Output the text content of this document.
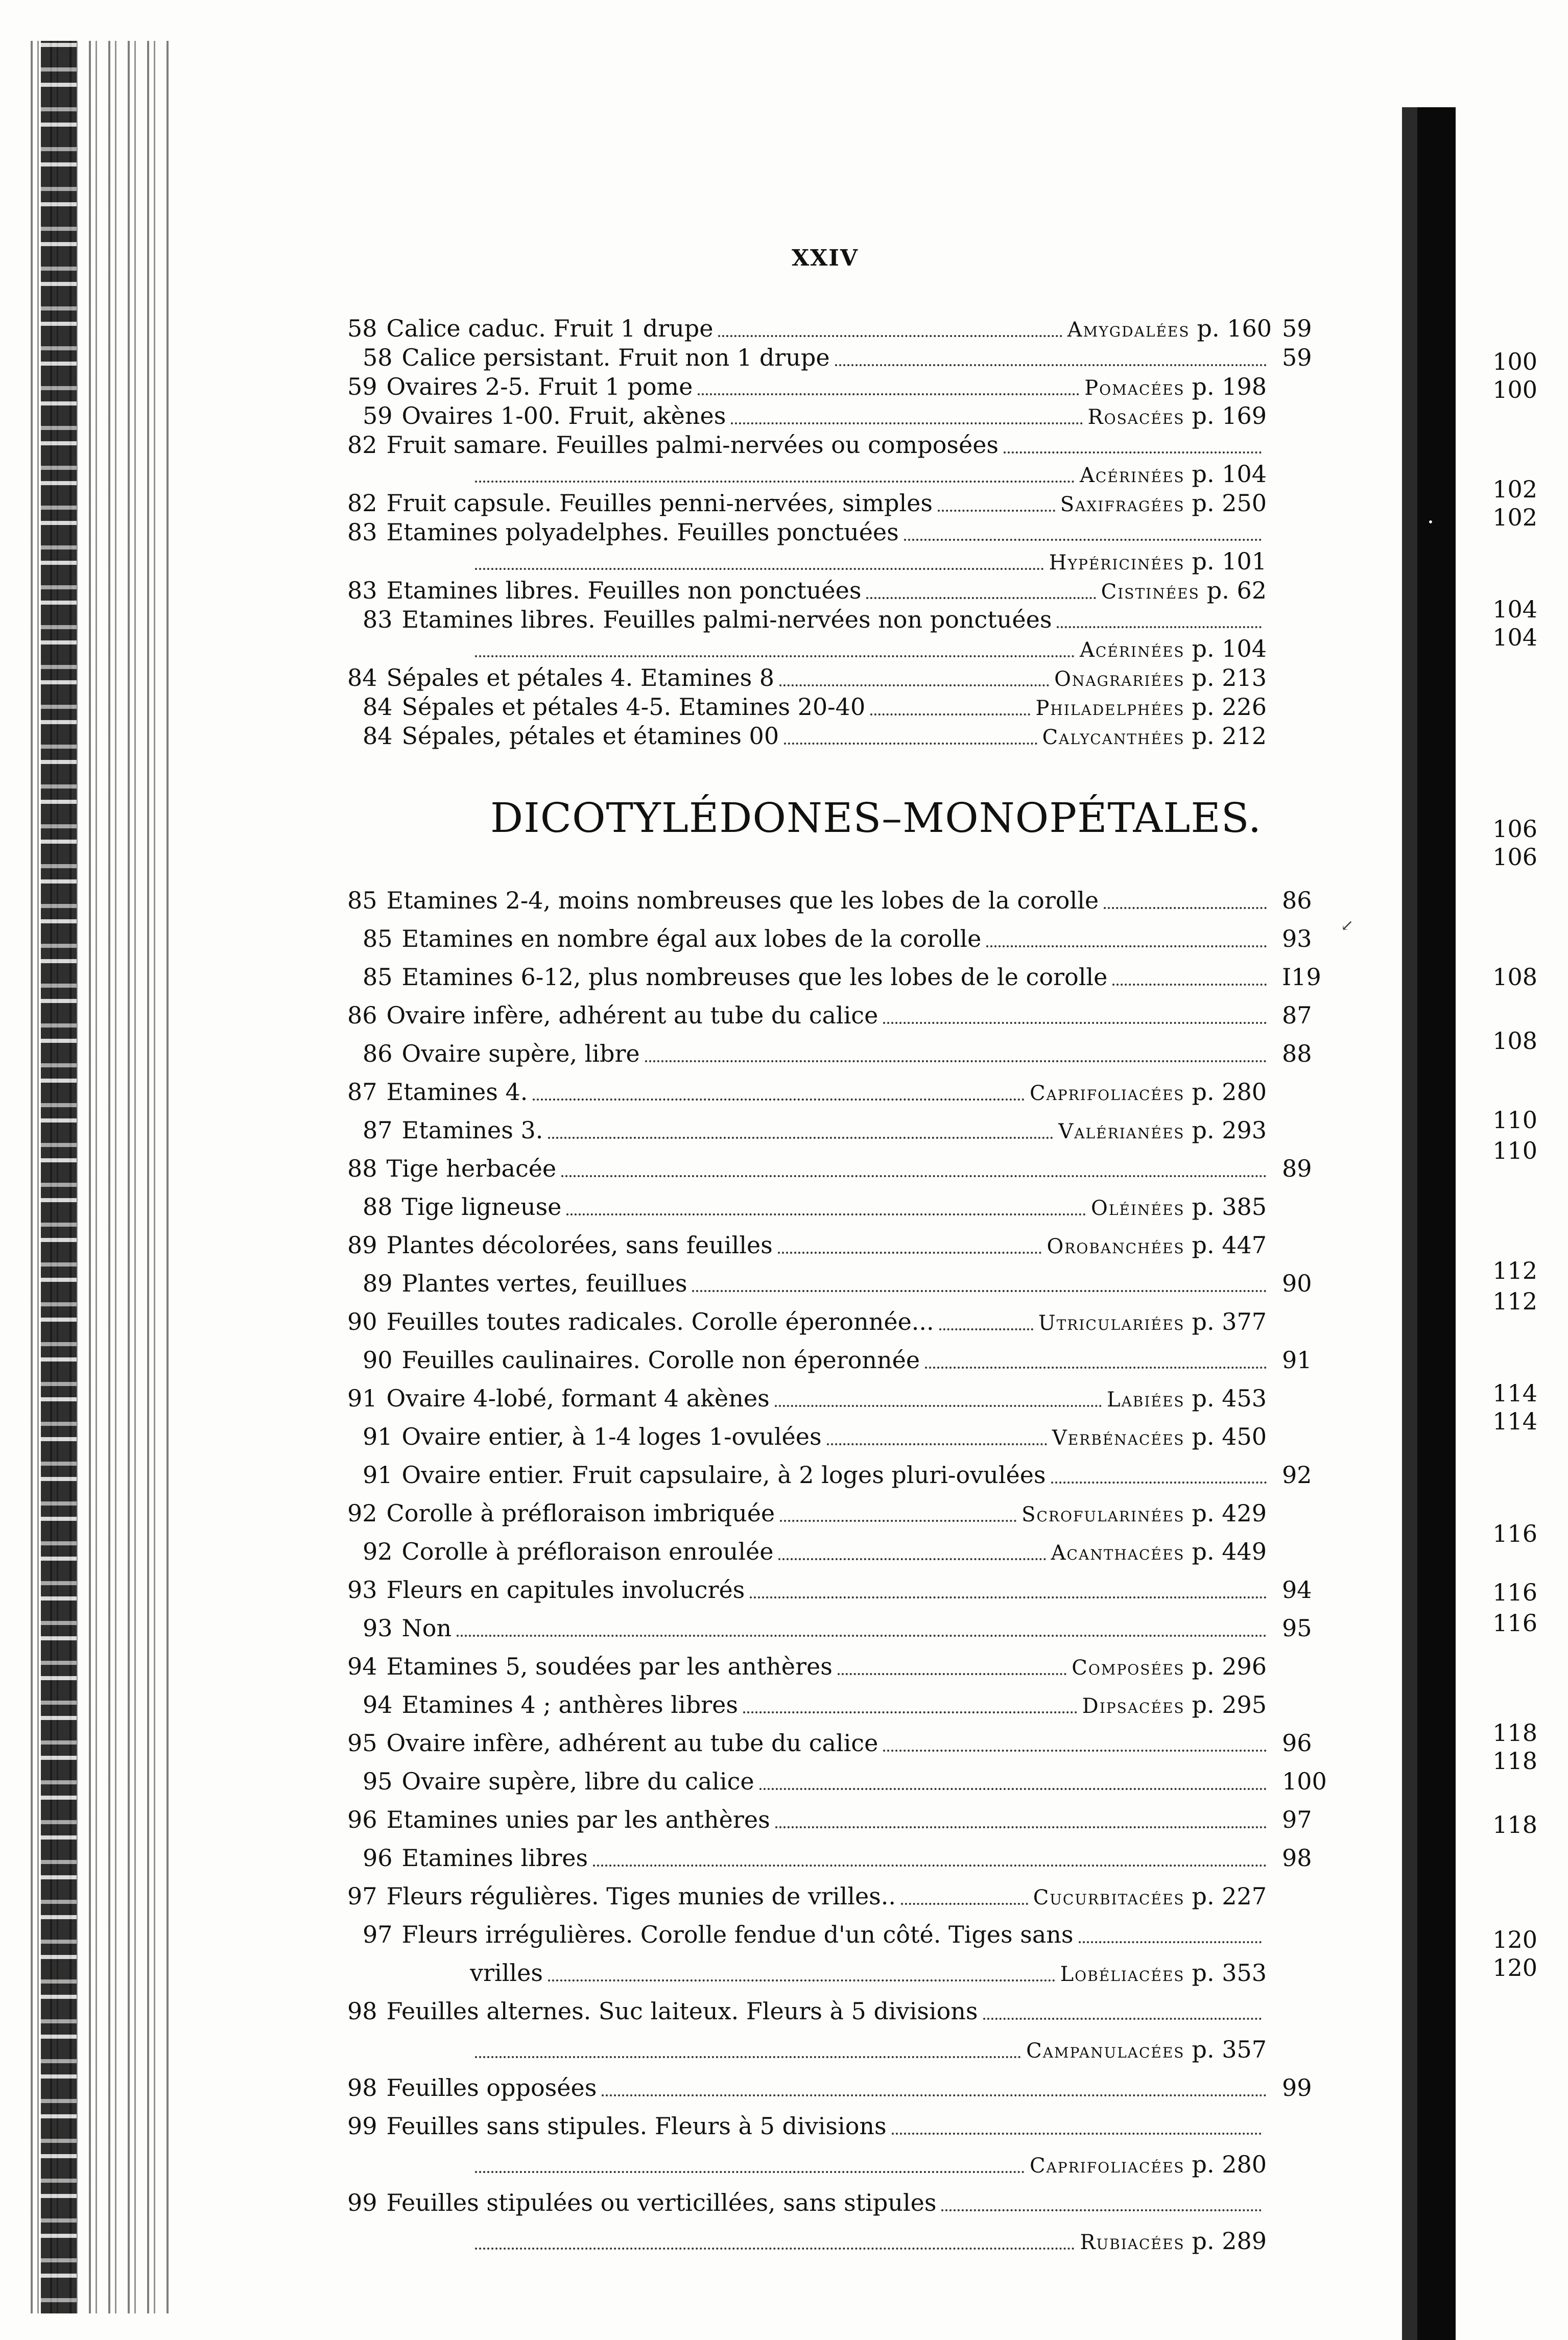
XXIV
58 Calice caduc. Fruit 1 drupe	Amygdalées p. 160 59
58 Calice persistant. Fruit non 1 drupe	59
59 Ovaires 2-5. Fruit 1 pome	Pomacées p. 198
59 Ovaires 1-00. Fruit, akènes	Rosacées p. 169
82 Fruit samare. Feuilles palmi-nervées ou composées
Acérinées p. 104
82 Fruit capsule. Feuilles penni-nervées, simples	Saxifragées p. 250
83 Etamines polyadelphes. Feuilles ponctuées
Hypéricinées p. 101
83 Etamines libres. Feuilles non ponctuées	Cistinées p. 62
83 Etamines libres. Feuilles palmi-nervées non ponctuées
Acérinées p. 104
84 Sépales et pétales 4. Etamines 8	Onagrariées p. 213
84 Sépales et pétales 4-5. Etamines 20-40	Philadelphées p. 226
84 Sépales, pétales et étamines 00	Calycanthées p. 212
DICOTYLÉDONES–MONOPÉTALES.
85 Etamines 2-4, moins nombreuses que les lobes de la corolle	86
85 Etamines en nombre égal aux lobes de la corolle	93
85 Etamines 6-12, plus nombreuses que les lobes de le corolle	I19
86 Ovaire infère, adhérent au tube du calice	87
86 Ovaire supère, libre	88
87 Etamines 4.	Caprifoliacées p. 280
87 Etamines 3.	Valérianées p. 293
88 Tige herbacée	89
88 Tige ligneuse	Oléinées p. 385
89 Plantes décolorées, sans feuilles	Orobanchées p. 447
89 Plantes vertes, feuillues	90
90 Feuilles toutes radicales. Corolle éperonnée...	Utriculariées p. 377
90 Feuilles caulinaires. Corolle non éperonnée	91
91 Ovaire 4-lobé, formant 4 akènes	Labiées p. 453
91 Ovaire entier, à 1-4 loges 1-ovulées	Verbénacées p. 450
91 Ovaire entier. Fruit capsulaire, à 2 loges pluri-ovulées	92
92 Corolle à préfloraison imbriquée	Scrofularinées p. 429
92 Corolle à préfloraison enroulée	Acanthacées p. 449
93 Fleurs en capitules involucrés	94
93 Non	95
94 Etamines 5, soudées par les anthères	Composées p. 296
94 Etamines 4 ; anthères libres	Dipsacées p. 295
95 Ovaire infère, adhérent au tube du calice	96
95 Ovaire supère, libre du calice	100
96 Etamines unies par les anthères	97
96 Etamines libres	98
97 Fleurs régulières. Tiges munies de vrilles..	Cucurbitacées p. 227
97 Fleurs irrégulières. Corolle fendue d'un côté. Tiges sans
vrilles	Lobéliacées p. 353
98 Feuilles alternes. Suc laiteux. Fleurs à 5 divisions
Campanulacées p. 357
98 Feuilles opposées	99
99 Feuilles sans stipules. Fleurs à 5 divisions
Caprifoliacées p. 280
99 Feuilles stipulées ou verticillées, sans stipules
Rubiacées p. 289
100
100
102
102
104
104
106
106
108
108
110
110
112
112
114
114
116
116
116
118
118
118
120
120
↙
•
